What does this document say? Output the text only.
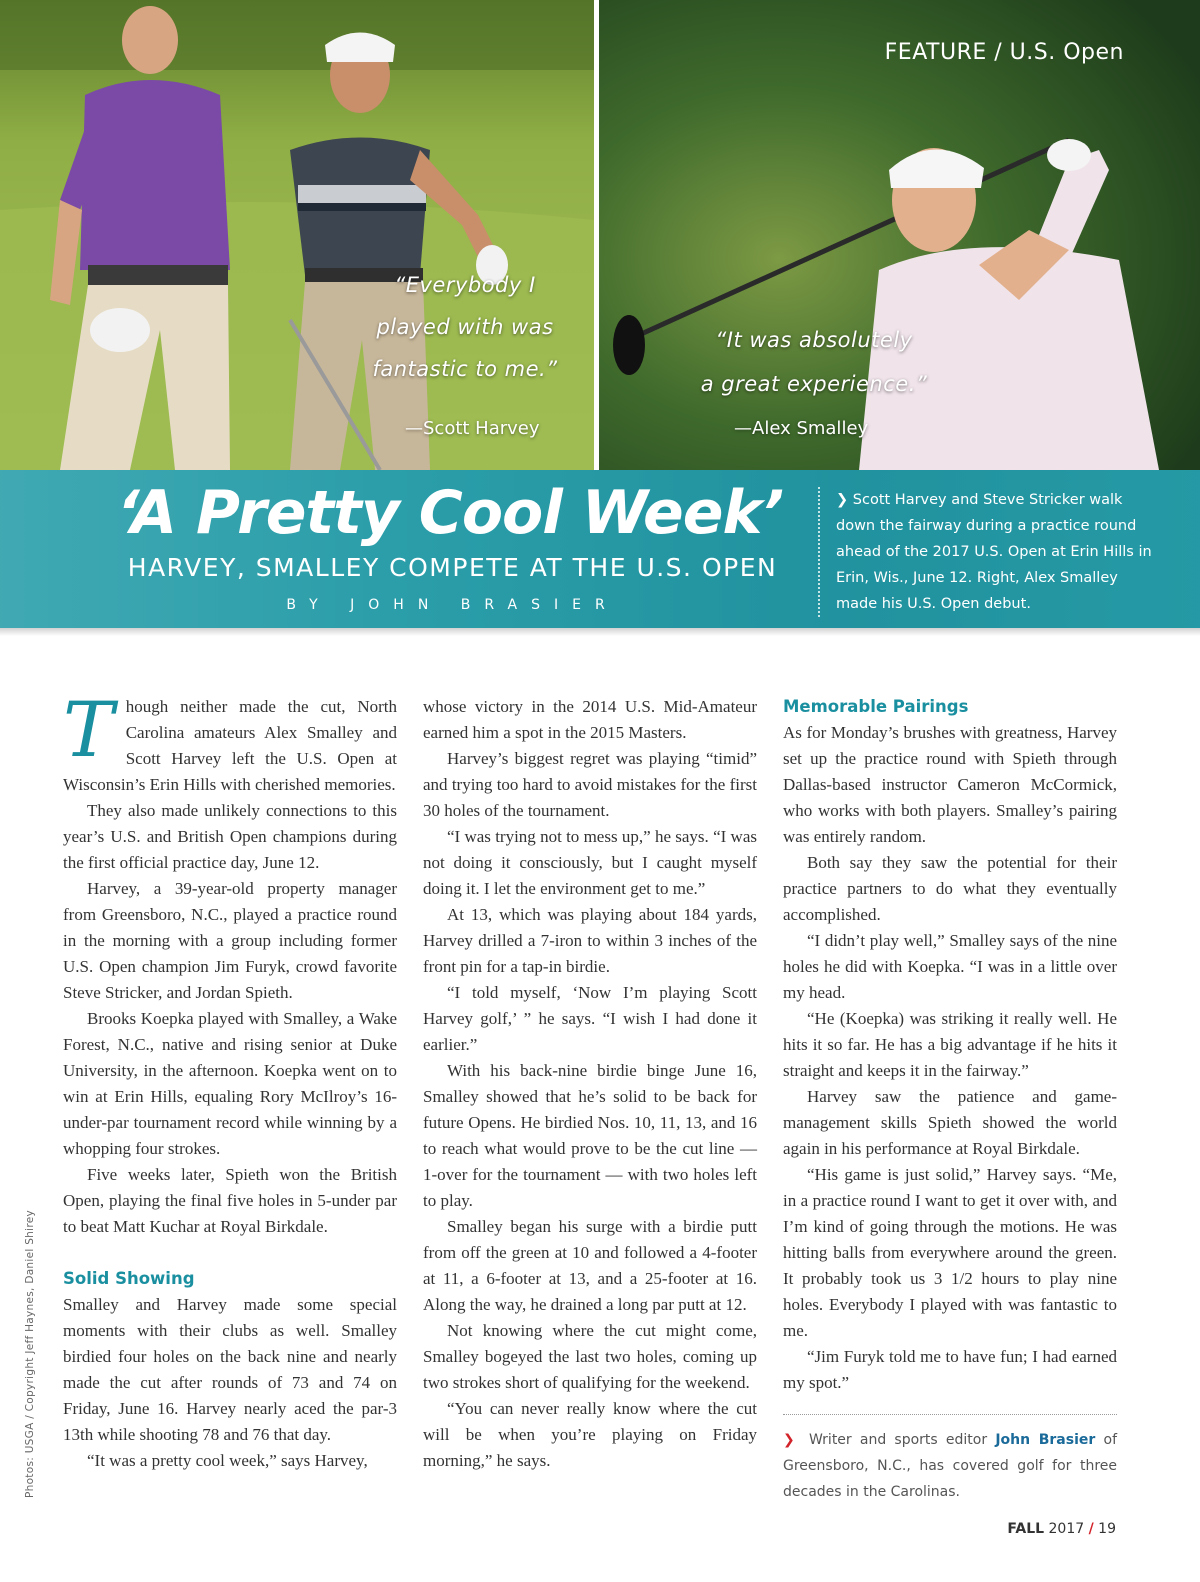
“Everybody I
played with was
fantastic to me.”
—Scott Harvey
FEATURE / U.S. Open
“It was absolutely
a great experience.”
—Alex Smalley
‘A Pretty Cool Week’
HARVEY, SMALLEY COMPETE AT THE U.S. OPEN
BY JOHN BRASIER
❯ Scott Harvey and Steve Stricker walk down the fairway during a practice round ahead of the 2017 U.S. Open at Erin Hills in Erin, Wis., June 12. Right, Alex Smalley made his U.S. Open debut.

Though neither made the cut, North Carolina amateurs Alex Smalley and Scott Harvey left the U.S. Open at Wisconsin’s Erin Hills with cherished memories.

They also made unlikely connections to this year’s U.S. and British Open champions during the first official practice day, June 12.

Harvey, a 39-year-old property manager from Greensboro, N.C., played a practice round in the morning with a group including former U.S. Open champion Jim Furyk, crowd favorite Steve Stricker, and Jordan Spieth.

Brooks Koepka played with Smalley, a Wake Forest, N.C., native and rising senior at Duke University, in the afternoon. Koepka went on to win at Erin Hills, equaling Rory McIlroy’s 16-under-par tournament record while winning by a whopping four strokes.

Five weeks later, Spieth won the British Open, playing the final five holes in 5-under par to beat Matt Kuchar at Royal Birkdale.

Solid Showing

Smalley and Harvey made some special moments with their clubs as well. Smalley birdied four holes on the back nine and nearly made the cut after rounds of 73 and 74 on Friday, June 16. Harvey nearly aced the par-3 13th while shooting 78 and 76 that day.

“It was a pretty cool week,” says Harvey,

whose victory in the 2014 U.S. Mid-Amateur earned him a spot in the 2015 Masters.

Harvey’s biggest regret was playing “timid” and trying too hard to avoid mistakes for the first 30 holes of the tournament.

“I was trying not to mess up,” he says. “I was not doing it consciously, but I caught myself doing it. I let the environment get to me.”

At 13, which was playing about 184 yards, Harvey drilled a 7-iron to within 3 inches of the front pin for a tap-in birdie.

“I told myself, ‘Now I’m playing Scott Harvey golf,’ ” he says. “I wish I had done it earlier.”

With his back-nine birdie binge June 16, Smalley showed that he’s solid to be back for future Opens. He birdied Nos. 10, 11, 13, and 16 to reach what would prove to be the cut line — 1-over for the tournament — with two holes left to play.

Smalley began his surge with a birdie putt from off the green at 10 and followed a 4-footer at 11, a 6-footer at 13, and a 25-footer at 16. Along the way, he drained a long par putt at 12.

Not knowing where the cut might come, Smalley bogeyed the last two holes, coming up two strokes short of qualifying for the weekend.

“You can never really know where the cut will be when you’re playing on Friday morning,” he says.

Memorable Pairings

As for Monday’s brushes with greatness, Harvey set up the practice round with Spieth through Dallas-based instructor Cameron McCormick, who works with both players. Smalley’s pairing was entirely random.

Both say they saw the potential for their practice partners to do what they eventually accomplished.

“I didn’t play well,” Smalley says of the nine holes he did with Koepka. “I was in a little over my head.

“He (Koepka) was striking it really well. He hits it so far. He has a big advantage if he hits it straight and keeps it in the fairway.”

Harvey saw the patience and game-management skills Spieth showed the world again in his performance at Royal Birkdale.

“His game is just solid,” Harvey says. “Me, in a practice round I want to get it over with, and I’m kind of going through the motions. He was hitting balls from everywhere around the green. It probably took us 3 1/2 hours to play nine holes. Everybody I played with was fantastic to me.

“Jim Furyk told me to have fun; I had earned my spot.”

❯ Writer and sports editor John Brasier of Greensboro, N.C., has covered golf for three decades in the Carolinas.
Photos: USGA / Copyright Jeff Haynes, Daniel Shirey
FALL 2017 / 19
